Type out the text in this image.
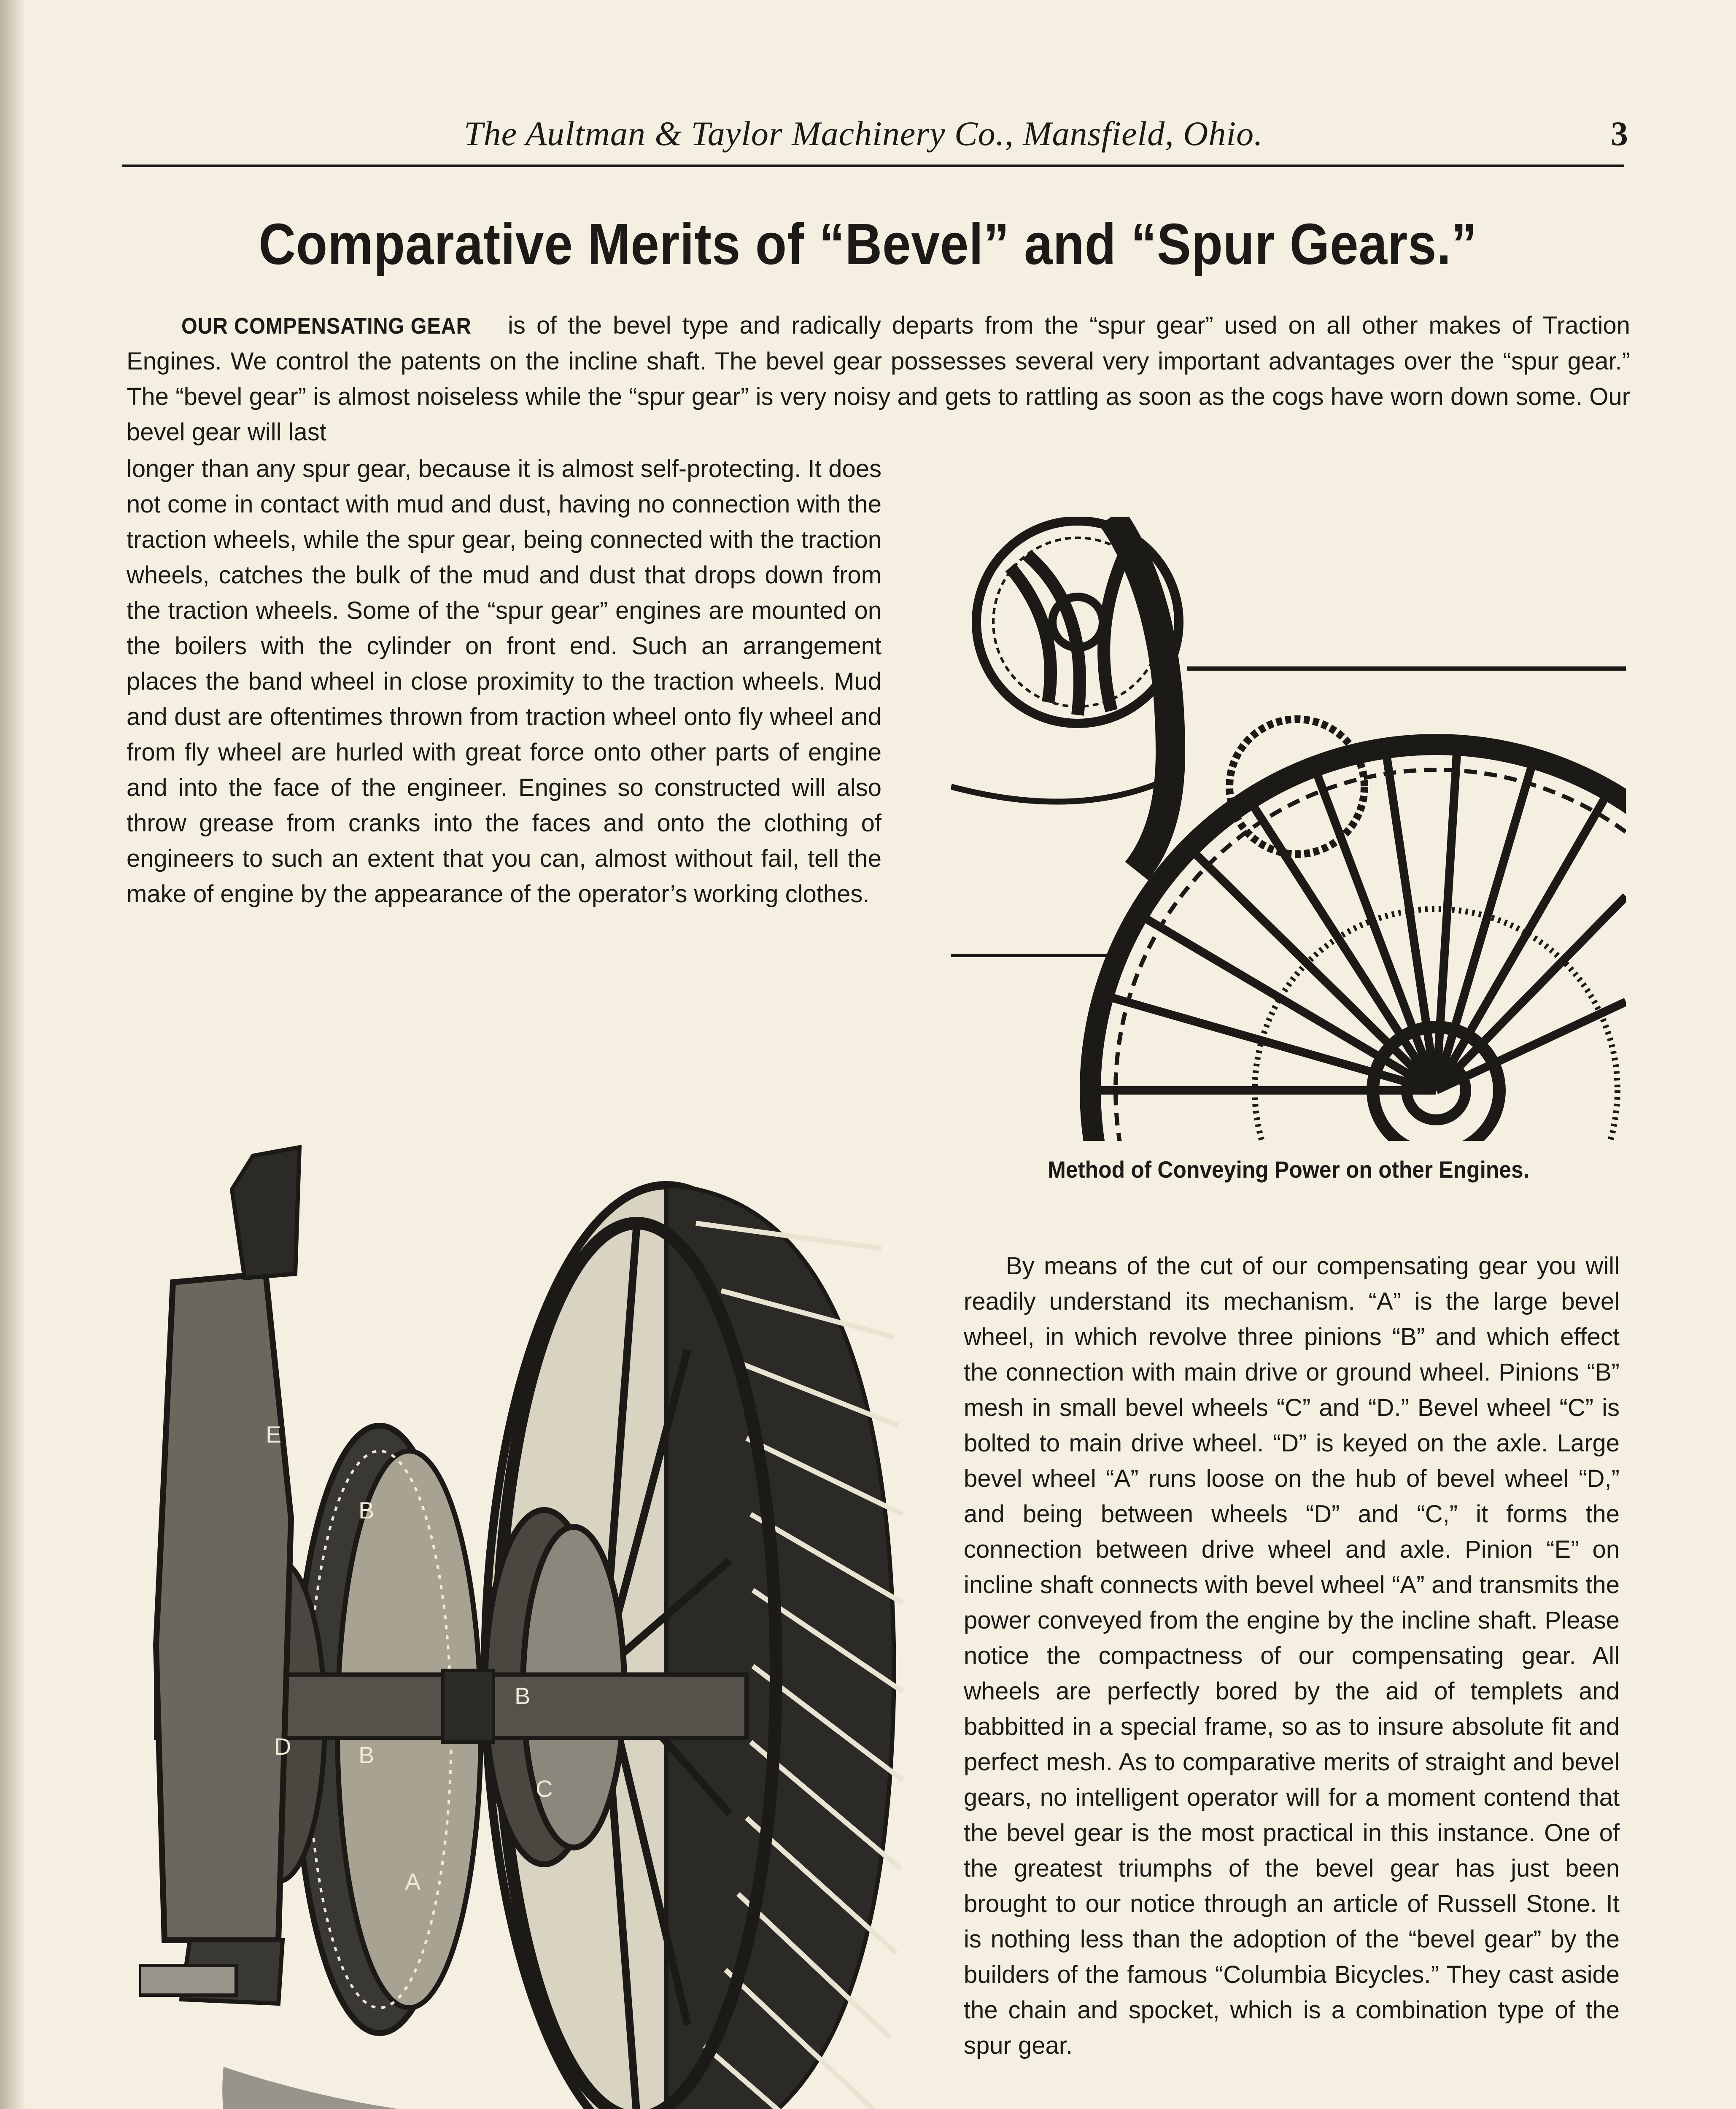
The Aultman & Taylor Machinery Co., Mansfield, Ohio.	3
Comparative Merits of “Bevel” and “Spur Gears.”
OUR COMPENSATING GEAR is of the bevel type and radically departs from the “spur gear” used on all other makes of Traction Engines. We control the patents on the incline shaft. The bevel gear possesses several very important advantages over the “spur gear.” The “bevel gear” is almost noiseless while the “spur gear” is very noisy and gets to rattling as soon as the cogs have worn down some. Our bevel gear will last
longer than any spur gear, because it is almost self-protecting. It does not come in contact with mud and dust, having no connection with the traction wheels, while the spur gear, being connected with the traction wheels, catches the bulk of the mud and dust that drops down from the traction wheels. Some of the “spur gear” engines are mounted on the boilers with the cylinder on front end. Such an arrangement places the band wheel in close proximity to the traction wheels. Mud and dust are oftentimes thrown from traction wheel onto fly wheel and from fly wheel are hurled with great force onto other parts of engine and into the face of the engineer. Engines so constructed will also throw grease from cranks into the faces and onto the clothing of engineers to such an extent that you can, almost without fail, tell the make of engine by the appearance of the operator’s working clothes.
Method of Conveying Power on other Engines.
By means of the cut of our compensating gear you will readily understand its mechanism. “A” is the large bevel wheel, in which revolve three pinions “B” and which effect the connection with main drive or ground wheel. Pinions “B” mesh in small bevel wheels “C” and “D.” Bevel wheel “C” is bolted to main drive wheel. “D” is keyed on the axle. Large bevel wheel “A” runs loose on the hub of bevel wheel “D,” and being between wheels “D” and “C,” it forms the connection between drive wheel and axle. Pinion “E” on incline shaft connects with bevel wheel “A” and transmits the power conveyed from the engine by the incline shaft. Please notice the compactness of our compensating gear. All wheels are perfectly bored by the aid of templets and babbitted in a special frame, so as to insure absolute fit and perfect mesh. As to comparative merits of straight and bevel gears, no intelligent operator will for a moment contend that the bevel gear is the most practical in this instance. One of the greatest triumphs of the bevel gear has just been brought to our notice through an article of Russell Stone. It is nothing less than the adoption of the “bevel gear” by the builders of the famous “Columbia Bicycles.” They cast aside the chain and spocket, which is a combination type of the spur gear.
D	B
B
A
C
B
E
